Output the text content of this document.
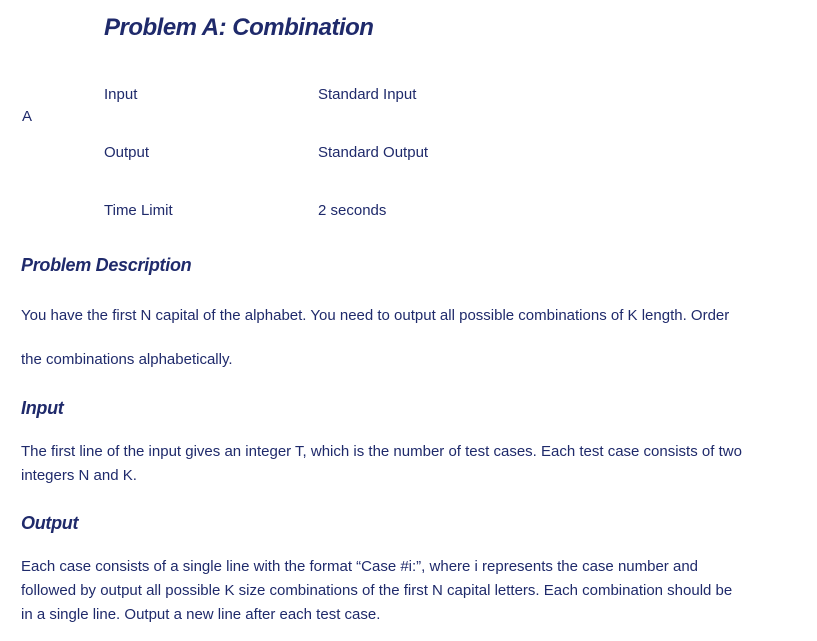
Problem A: Combination
A
Input	Standard Input
Output	Standard Output
Time Limit	2 seconds
Problem Description
You have the first N capital of the alphabet. You need to output all possible combinations of K length. Order
the combinations alphabetically.
Input
The first line of the input gives an integer T, which is the number of test cases. Each test case consists of two
integers N and K.
Output
Each case consists of a single line with the format “Case #i:”, where i represents the case number and
followed by output all possible K size combinations of the first N capital letters. Each combination should be
in a single line. Output a new line after each test case.
